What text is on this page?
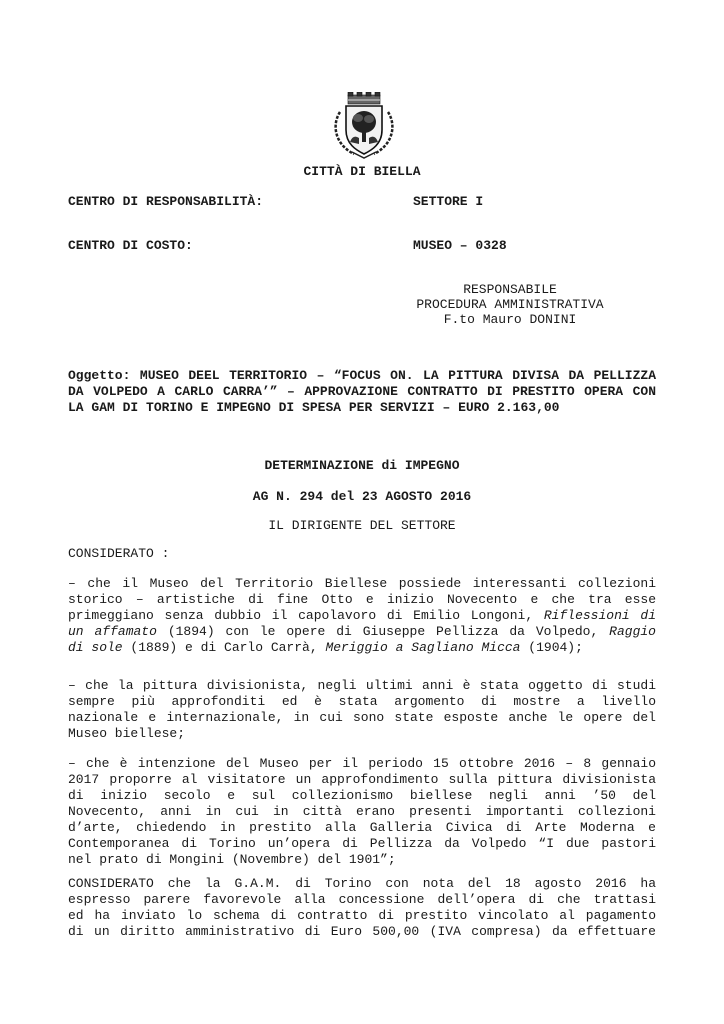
CITTÀ DI BIELLA
CENTRO DI RESPONSABILITÀ:	SETTORE I
CENTRO DI COSTO:	MUSEO – 0328
RESPONSABILE
PROCEDURA AMMINISTRATIVA
F.to Mauro DONINI
Oggetto: MUSEO DEEL TERRITORIO – “FOCUS ON. LA PITTURA DIVISA DA PELLIZZA
DA VOLPEDO A CARLO CARRA’” – APPROVAZIONE CONTRATTO DI PRESTITO OPERA CON
LA GAM DI TORINO E IMPEGNO DI SPESA PER SERVIZI – EURO 2.163,00
DETERMINAZIONE di IMPEGNO
AG N. 294 del 23 AGOSTO 2016
IL DIRIGENTE DEL SETTORE
CONSIDERATO :
– che il Museo del Territorio Biellese possiede interessanti collezioni
storico – artistiche di fine Otto e inizio Novecento e che tra esse
primeggiano senza dubbio il capolavoro di Emilio Longoni, Riflessioni di
un affamato (1894) con le opere di Giuseppe Pellizza da Volpedo, Raggio
di sole (1889) e di Carlo Carrà, Meriggio a Sagliano Micca (1904);
– che la pittura divisionista, negli ultimi anni è stata oggetto di studi
sempre più approfonditi ed è stata argomento di mostre a livello
nazionale e internazionale, in cui sono state esposte anche le opere del
Museo biellese;
– che è intenzione del Museo per il periodo 15 ottobre 2016 – 8 gennaio
2017 proporre al visitatore un approfondimento sulla pittura divisionista
di inizio secolo e sul collezionismo biellese negli anni ’50 del
Novecento, anni in cui in città erano presenti importanti collezioni
d’arte, chiedendo in prestito alla Galleria Civica di Arte Moderna e
Contemporanea di Torino un’opera di Pellizza da Volpedo “I due pastori
nel prato di Mongini (Novembre) del 1901”;
CONSIDERATO che la G.A.M. di Torino con nota del 18 agosto 2016 ha
espresso parere favorevole alla concessione dell’opera di che trattasi
ed ha inviato lo schema di contratto di prestito vincolato al pagamento
di un diritto amministrativo di Euro 500,00 (IVA compresa) da effettuare
